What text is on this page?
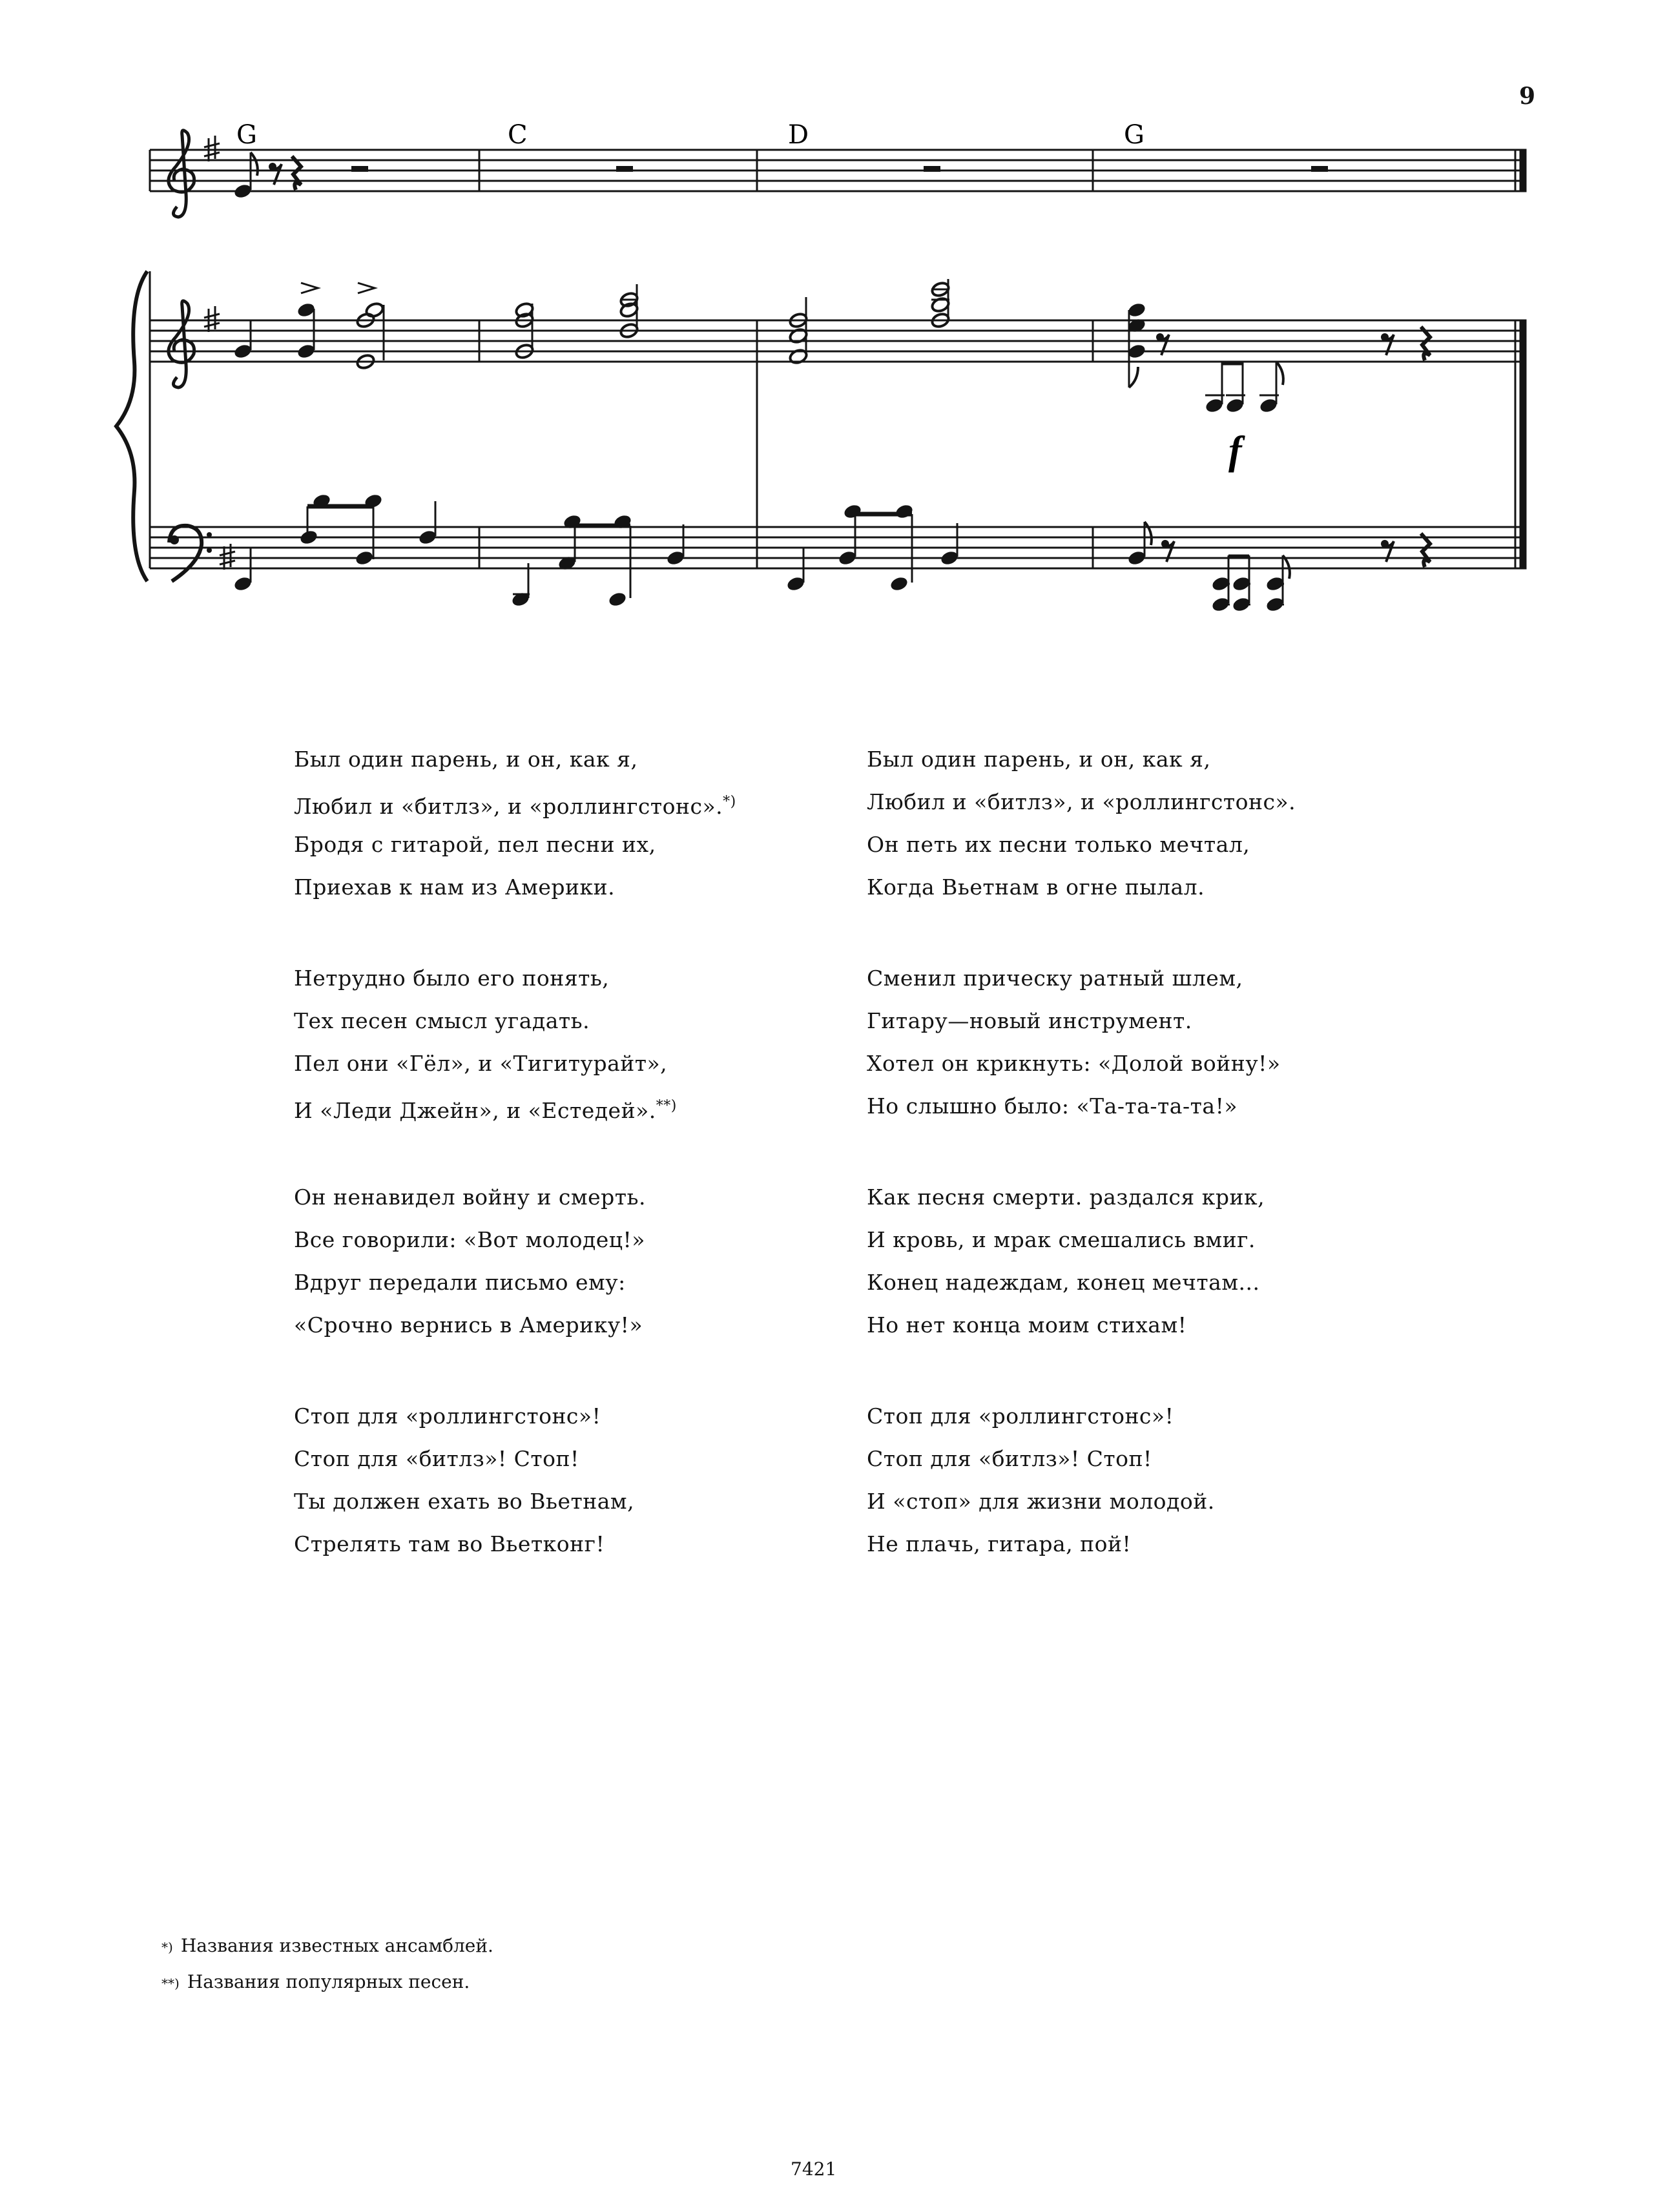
9
G	C	D	G
f
Был один парень, и он, как я,
Любил и «битлз», и «роллингстонс».*)
Бродя с гитарой, пел песни их,
Приехав к нам из Америки.
Нетрудно было его понять,
Тех песен смысл угадать.
Пел они «Гёл», и «Тигитурайт»,
И «Леди Джейн», и «Естедей».**)
Он ненавидел войну и смерть.
Все говорили: «Вот молодец!»
Вдруг передали письмо ему:
«Срочно вернись в Америку!»
Стоп для «роллингстонс»!
Стоп для «битлз»! Стоп!
Ты должен ехать во Вьетнам,
Стрелять там во Вьетконг!
Был один парень, и он, как я,
Любил и «битлз», и «роллингстонс».
Он петь их песни только мечтал,
Когда Вьетнам в огне пылал.
Сменил прическу ратный шлем,
Гитару—новый инструмент.
Хотел он крикнуть: «Долой войну!»
Но слышно было: «Та-та-та-та!»
Как песня смерти. раздался крик,
И кровь, и мрак смешались вмиг.
Конец надеждам, конец мечтам...
Но нет конца моим стихам!
Стоп для «роллингстонс»!
Стоп для «битлз»! Стоп!
И «стоп» для жизни молодой.
Не плачь, гитара, пой!
*) Названия известных ансамблей.
**) Названия популярных песен.
7421
